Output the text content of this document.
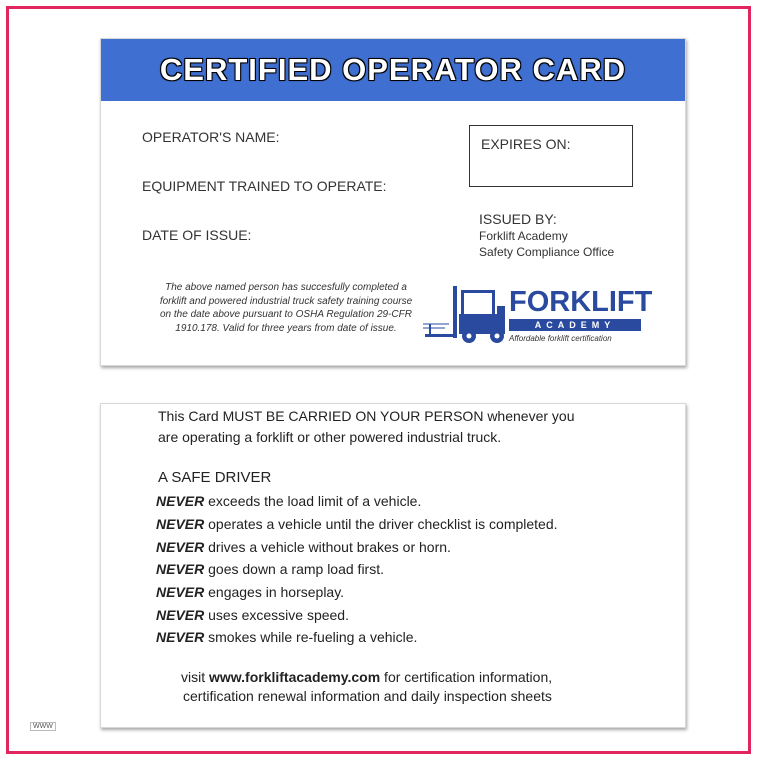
CERTIFIED OPERATOR CARD
OPERATOR'S NAME:
EQUIPMENT TRAINED TO OPERATE:
DATE OF ISSUE:
EXPIRES ON:
ISSUED BY:
Forklift Academy
Safety Compliance Office
The above named person has succesfully completed a
forklift and powered industrial truck safety training course
on the date above pursuant to OSHA Regulation 29-CFR
1910.178. Valid for three years from date of issue.
FORKLIFT
ACADEMY
Affordable forklift certification
This Card MUST BE CARRIED ON YOUR PERSON whenever you
are operating a forklift or other powered industrial truck.
A SAFE DRIVER
NEVER exceeds the load limit of a vehicle.
NEVER operates a vehicle until the driver checklist is completed.
NEVER drives a vehicle without brakes or horn.
NEVER goes down a ramp load first.
NEVER engages in horseplay.
NEVER uses excessive speed.
NEVER smokes while re-fueling a vehicle.
visit www.forkliftacademy.com for certification information,
certification renewal information and daily inspection sheets
WWW
